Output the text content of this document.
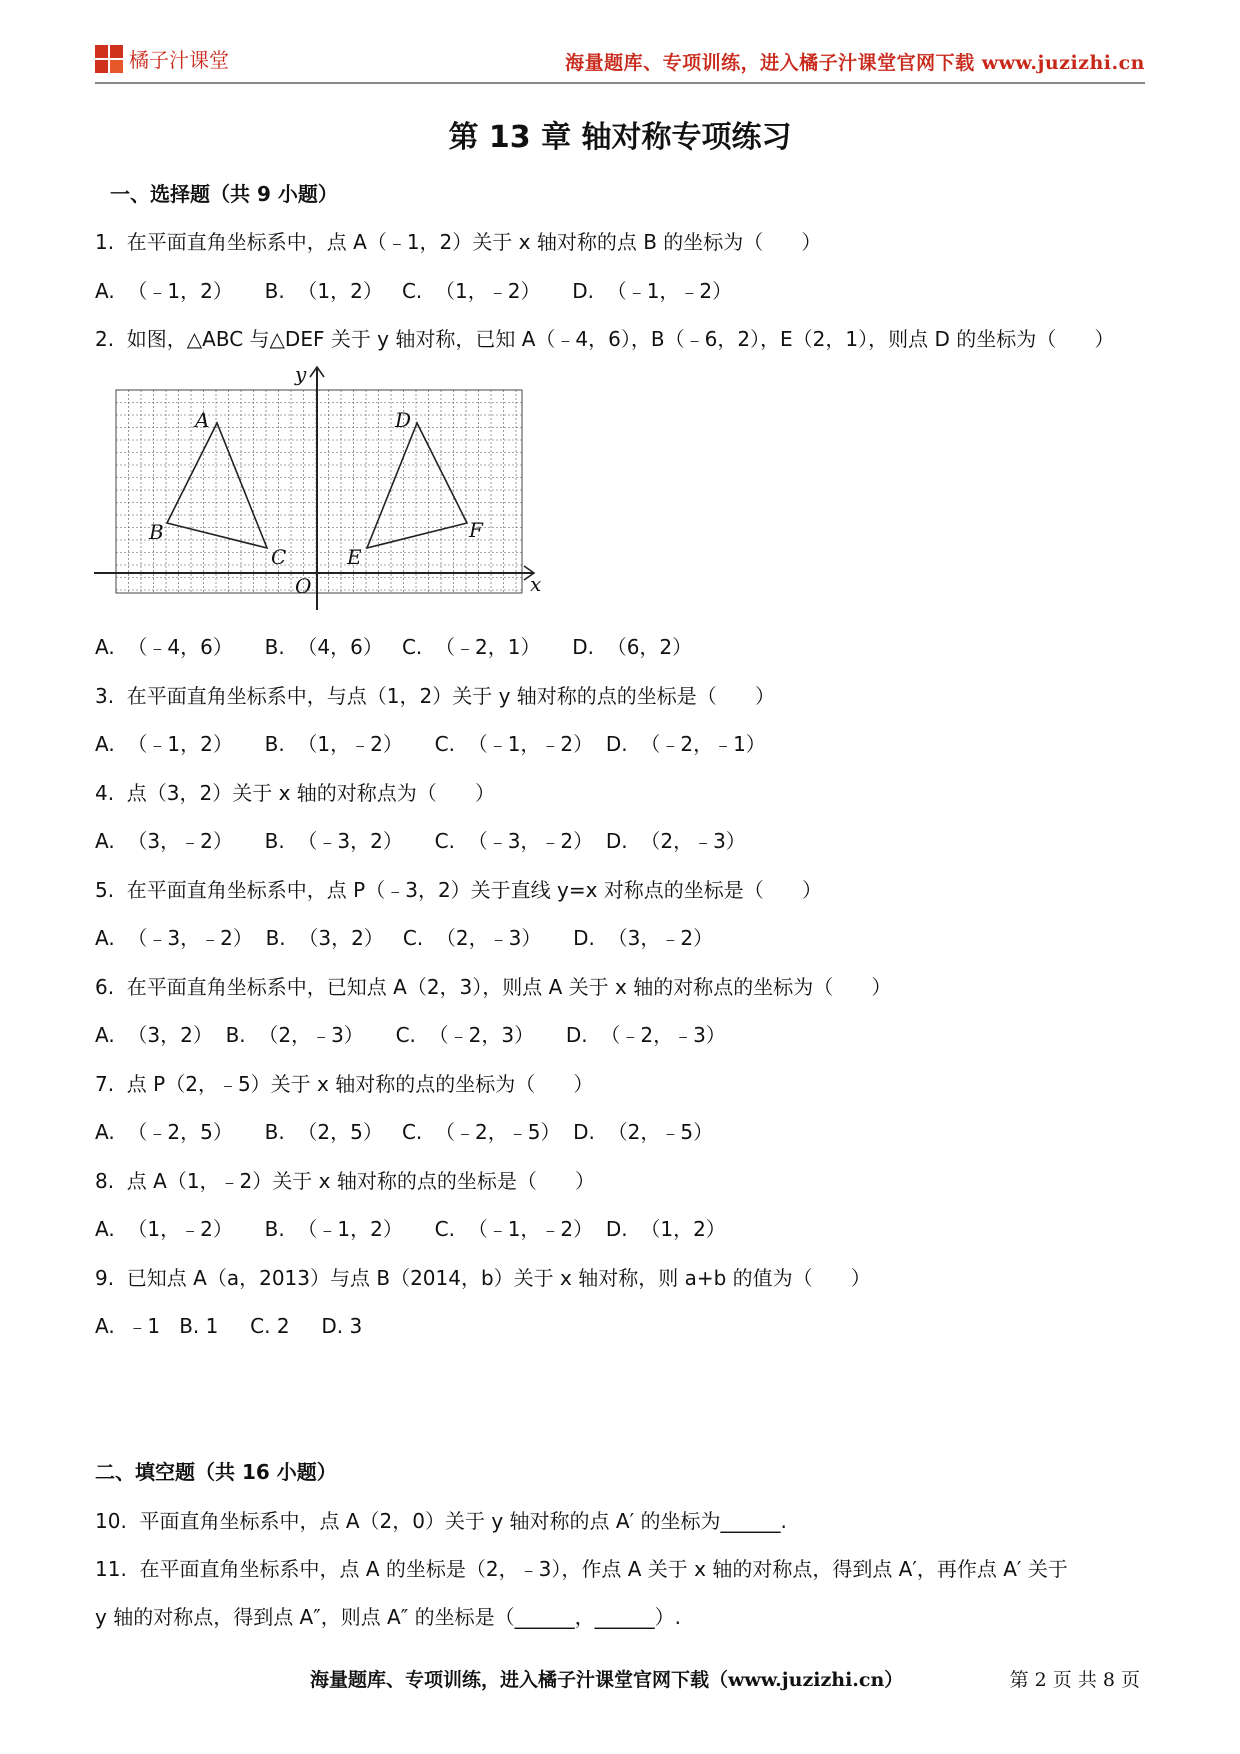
橘子汁课堂	海量题库、专项训练，进入橘子汁课堂官网下载 www.juzizhi.cn
第 13 章 轴对称专项练习
一、选择题（共 9 小题）
1.  在平面直角坐标系中，点 A（﹣1，2）关于 x 轴对称的点 B 的坐标为（      ）
A.  （﹣1，2）     B.  （1，2）   C.  （1，﹣2）     D.  （﹣1，﹣2）
2.  如图，△ABC 与△DEF 关于 y 轴对称，已知 A（﹣4，6），B（﹣6，2），E（2，1），则点 D 的坐标为（      ）
A
B
C
D
E
F
O	x
y
A.  （﹣4，6）     B.  （4，6）   C.  （﹣2，1）     D.  （6，2）
3.  在平面直角坐标系中，与点（1，2）关于 y 轴对称的点的坐标是（      ）
A.  （﹣1，2）     B.  （1，﹣2）     C.  （﹣1，﹣2）  D.  （﹣2，﹣1）
4.  点（3，2）关于 x 轴的对称点为（      ）
A.  （3，﹣2）     B.  （﹣3，2）     C.  （﹣3，﹣2）  D.  （2，﹣3）
5.  在平面直角坐标系中，点 P（﹣3，2）关于直线 y=x 对称点的坐标是（      ）
A.  （﹣3，﹣2）  B.  （3，2）   C.  （2，﹣3）     D.  （3，﹣2）
6.  在平面直角坐标系中，已知点 A（2，3），则点 A 关于 x 轴的对称点的坐标为（      ）
A.  （3，2）  B.  （2，﹣3）     C.  （﹣2，3）     D.  （﹣2，﹣3）
7.  点 P（2，﹣5）关于 x 轴对称的点的坐标为（      ）
A.  （﹣2，5）     B.  （2，5）   C.  （﹣2，﹣5）  D.  （2，﹣5）
8.  点 A（1，﹣2）关于 x 轴对称的点的坐标是（      ）
A.  （1，﹣2）     B.  （﹣1，2）     C.  （﹣1，﹣2）  D.  （1，2）
9.  已知点 A（a，2013）与点 B（2014，b）关于 x 轴对称，则 a+b 的值为（      ）
A.  ﹣1   B. 1     C. 2     D. 3
二、填空题（共 16 小题）
10.  平面直角坐标系中，点 A（2，0）关于 y 轴对称的点 A′ 的坐标为______.
11.  在平面直角坐标系中，点 A 的坐标是（2，﹣3），作点 A 关于 x 轴的对称点，得到点 A′，再作点 A′ 关于
y 轴的对称点，得到点 A″，则点 A″ 的坐标是（______，______）.
海量题库、专项训练，进入橘子汁课堂官网下载（www.juzizhi.cn）	第 2 页 共 8 页
